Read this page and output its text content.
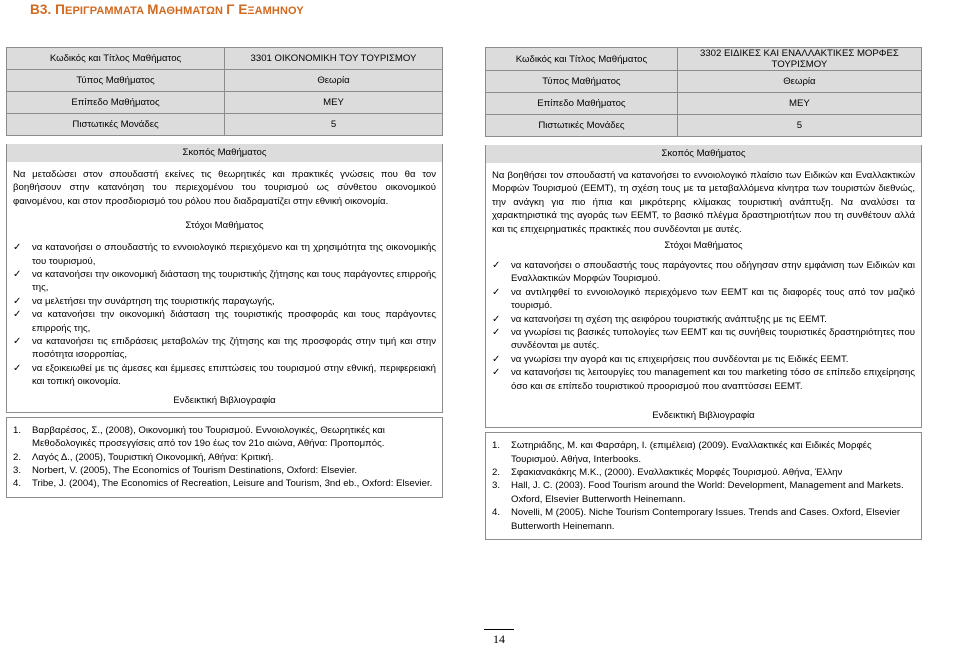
B3. ΠΕΡΙΓΡΑΜΜΑΤΑ ΜΑΘΗΜΑΤΩΝ Γ ΕΞΑΜΗΝΟΥ
Κωδικός και Τίτλος Μαθήματος	3301 ΟΙΚΟΝΟΜΙΚΗ ΤΟΥ ΤΟΥΡΙΣΜΟΥ
Τύπος Μαθήματος	Θεωρία
Επίπεδο Μαθήματος	ΜΕΥ
Πιστωτικές Μονάδες	5
Σκοπός Μαθήματος
Να μεταδώσει στον σπουδαστή εκείνες τις θεωρητικές και πρακτικές γνώσεις που θα τον βοηθήσουν στην κατανόηση του περιεχομένου του τουρισμού ως σύνθετου οικονομικού φαινομένου, και στον προσδιορισμό του ρόλου που διαδραματίζει στην εθνική οικονομία.
Στόχοι Μαθήματος
✓ να κατανοήσει ο σπουδαστής το εννοιολογικό περιεχόμενο και τη χρησιμότητα της οικονομικής του τουρισμού,
✓ να κατανοήσει την οικονομική διάσταση της τουριστικής ζήτησης και τους παράγοντες επιρροής της,
✓ να μελετήσει την συνάρτηση της τουριστικής παραγωγής,
✓ να κατανοήσει την οικονομική διάσταση της τουριστικής προσφοράς και τους παράγοντες επιρροής της,
✓ να κατανοήσει τις επιδράσεις μεταβολών της ζήτησης και της προσφοράς στην τιμή και στην ποσότητα ισορροπίας,
✓ να εξοικειωθεί με τις άμεσες και έμμεσες επιπτώσεις του τουρισμού στην εθνική, περιφερειακή και τοπική οικονομία.
Ενδεικτική Βιβλιογραφία
1. Βαρβαρέσος, Σ., (2008), Οικονομική του Τουρισμού. Εννοιολογικές, Θεωρητικές και Μεθοδολογικές προσεγγίσεις από τον 19ο έως τον 21ο αιώνα, Αθήνα: Προπομπός.
2. Λαγός Δ., (2005), Τουριστική Οικονομική, Αθήνα: Κριτική.
3. Norbert, V. (2005), The Economics of Tourism Destinations, Oxford: Elsevier.
4. Tribe, J. (2004), The Economics of Recreation, Leisure and Tourism, 3nd eb., Oxford: Elsevier.
Κωδικός και Τίτλος Μαθήματος	3302 ΕΙΔΙΚΕΣ ΚΑΙ ΕΝΑΛΛΑΚΤΙΚΕΣ ΜΟΡΦΕΣ ΤΟΥΡΙΣΜΟΥ
Τύπος Μαθήματος	Θεωρία
Επίπεδο Μαθήματος	ΜΕΥ
Πιστωτικές Μονάδες	5
Σκοπός Μαθήματος
Να βοηθήσει τον σπουδαστή να κατανοήσει το εννοιολογικό πλαίσιο των Ειδικών και Εναλλακτικών Μορφών Τουρισμού (ΕΕΜΤ), τη σχέση τους με τα μεταβαλλόμενα κίνητρα των τουριστών διεθνώς, την ανάγκη για πιο ήπια και μικρότερης κλίμακας τουριστική ανάπτυξη. Να αναλύσει τα χαρακτηριστικά της αγοράς των ΕΕΜΤ, το βασικό πλέγμα δραστηριοτήτων που τη συνθέτουν αλλά και τις επιχειρηματικές πρακτικές που συνδέονται με αυτές.
Στόχοι Μαθήματος
✓ να κατανοήσει ο σπουδαστής τους παράγοντες που οδήγησαν στην εμφάνιση των Ειδικών και Εναλλακτικών Μορφών Τουρισμού.
✓ να αντιληφθεί το εννοιολογικό περιεχόμενο των ΕΕΜΤ και τις διαφορές τους από τον μαζικό τουρισμό.
✓ να κατανοήσει τη σχέση της αειφόρου τουριστικής ανάπτυξης με τις ΕΕΜΤ.
✓ να γνωρίσει τις βασικές τυπολογίες των ΕΕΜΤ και τις συνήθεις τουριστικές δραστηριότητες που συνδέονται με αυτές.
✓ να γνωρίσει την αγορά και τις επιχειρήσεις που συνδέονται με τις Ειδικές ΕΕΜΤ.
✓ να κατανοήσει τις λειτουργίες του management και του marketing τόσο σε επίπεδο επιχείρησης όσο και σε επίπεδο τουριστικού προορισμού που αναπτύσσει ΕΕΜΤ.
Ενδεικτική Βιβλιογραφία
1. Σωτηριάδης, Μ. και Φαρσάρη, Ι. (επιμέλεια) (2009). Εναλλακτικές και Ειδικές Μορφές Τουρισμού. Αθήνα, Interbooks.
2. Σφακιανακάκης Μ.Κ., (2000). Εναλλακτικές Μορφές Τουρισμού. Αθήνα, Έλλην
3. Hall, J. C. (2003). Food Tourism around the World: Development, Management and Markets. Oxford, Elsevier Butterworth Heinemann.
4. Novelli, M (2005). Niche Tourism Contemporary Issues. Trends and Cases. Oxford, Elsevier Butterworth Heinemann.
14
